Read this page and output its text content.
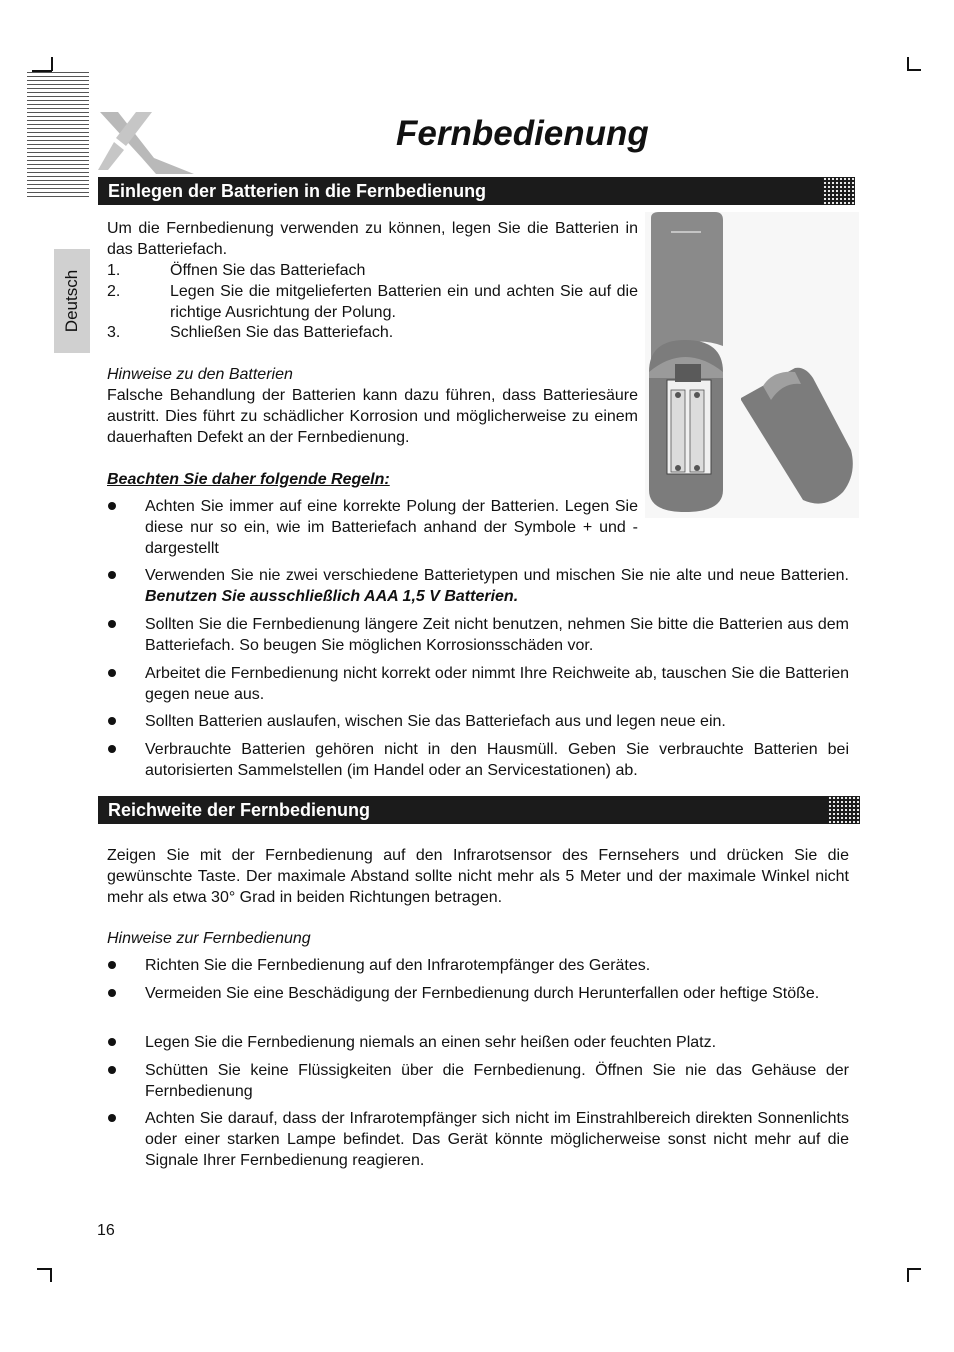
Fernbedienung
Deutsch
Einlegen der Batterien in die Fernbedienung
Um die Fernbedienung verwenden zu können, legen Sie die Batterien in das Batteriefach.
1.	Öffnen Sie das Batteriefach
2.	Legen Sie die mitgelieferten Batterien ein und achten Sie auf die richtige Ausrichtung der Polung.
3.	Schließen Sie das Batteriefach.
Hinweise zu den Batterien
Falsche Behandlung der Batterien kann dazu führen, dass Batteriesäure austritt. Dies führt zu schädlicher Korrosion und möglicherweise zu einem dauerhaften Defekt an der Fernbedienung.
Beachten Sie daher folgende Regeln:
Achten Sie immer auf eine korrekte Polung der Batterien. Legen Sie diese nur so ein, wie im Batteriefach anhand der Symbole + und - dargestellt
Verwenden Sie nie zwei verschiedene Batterietypen und mischen Sie nie alte und neue Batterien. Benutzen Sie ausschließlich AAA 1,5 V Batterien.
Sollten Sie die Fernbedienung längere Zeit nicht benutzen, nehmen Sie bitte die Batterien aus dem Batteriefach. So beugen Sie möglichen Korrosionsschäden vor.
Arbeitet die Fernbedienung nicht korrekt oder nimmt Ihre Reichweite ab, tauschen Sie die Batterien gegen neue aus.
Sollten Batterien auslaufen, wischen Sie das Batteriefach aus und legen neue ein.
Verbrauchte Batterien gehören nicht in den Hausmüll. Geben Sie verbrauchte Batterien bei autorisierten Sammelstellen (im Handel oder an Servicestationen) ab.
Reichweite der Fernbedienung
Zeigen Sie mit der Fernbedienung auf den Infrarotsensor des Fernsehers und drücken Sie die gewünschte Taste. Der maximale Abstand sollte nicht mehr als 5 Meter und der maximale Winkel nicht mehr als etwa 30° Grad in beiden Richtungen betragen.
Hinweise zur Fernbedienung
Richten Sie die Fernbedienung auf den Infrarotempfänger des Gerätes.
Vermeiden Sie eine Beschädigung der Fernbedienung durch Herunterfallen oder heftige Stöße.
Legen Sie die Fernbedienung niemals an einen sehr heißen oder feuchten Platz.
Schütten Sie keine Flüssigkeiten über die Fernbedienung. Öffnen Sie nie das Gehäuse der Fernbedienung
Achten Sie darauf, dass der Infrarotempfänger sich nicht im Einstrahlbereich direkten Sonnenlichts oder einer starken Lampe befindet. Das Gerät könnte möglicherweise sonst nicht mehr auf die Signale Ihrer Fernbedienung reagieren.
16
